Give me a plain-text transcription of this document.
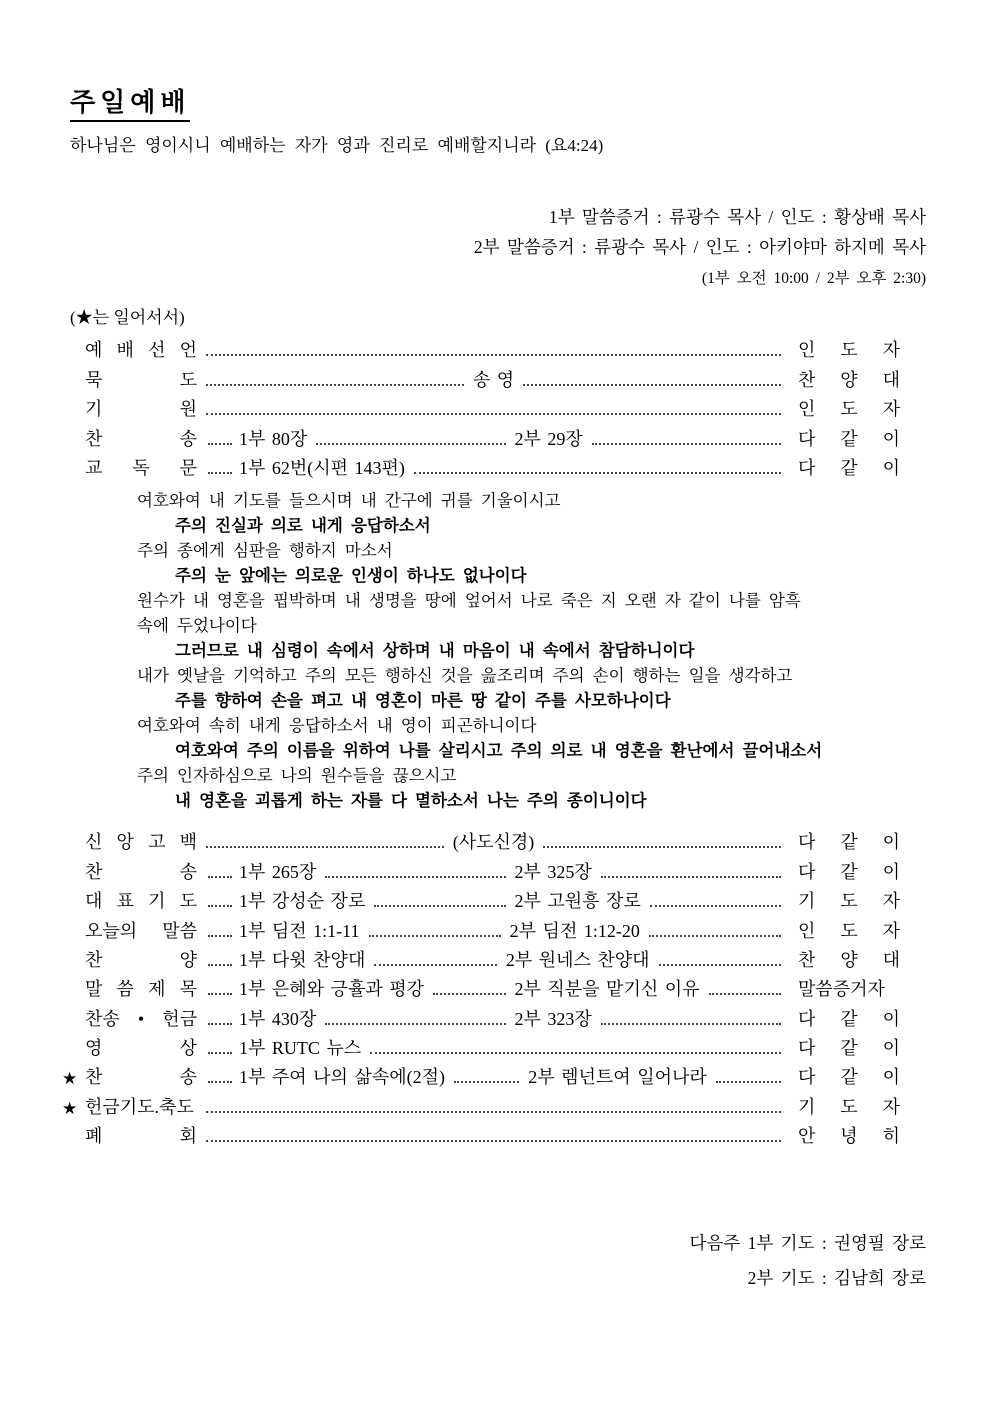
주일예배
하나님은 영이시니 예배하는 자가 영과 진리로 예배할지니라 (요4:24)
1부 말씀증거 : 류광수 목사 / 인도 : 황상배 목사
2부 말씀증거 : 류광수 목사 / 인도 : 아키야마 하지메 목사
(1부 오전 10:00 / 2부 오후 2:30)
(★는 일어서서)
예 배 선 언	인 도 자
묵 도	송 영	찬 양 대
기 원	인 도 자
찬 송 1부 80장	2부 29장	다 같 이
교 독 문 1부 62번(시편 143편)	다 같 이
여호와여 내 기도를 들으시며 내 간구에 귀를 기울이시고
주의 진실과 의로 내게 응답하소서
주의 종에게 심판을 행하지 마소서
주의 눈 앞에는 의로운 인생이 하나도 없나이다
원수가 내 영혼을 핍박하며 내 생명을 땅에 엎어서 나로 죽은 지 오랜 자 같이 나를 암흑
속에 두었나이다
그러므로 내 심령이 속에서 상하며 내 마음이 내 속에서 참담하니이다
내가 옛날을 기억하고 주의 모든 행하신 것을 읊조리며 주의 손이 행하는 일을 생각하고
주를 향하여 손을 펴고 내 영혼이 마른 땅 같이 주를 사모하나이다
여호와여 속히 내게 응답하소서 내 영이 피곤하니이다
여호와여 주의 이름을 위하여 나를 살리시고 주의 의로 내 영혼을 환난에서 끌어내소서
주의 인자하심으로 나의 원수들을 끊으시고
내 영혼을 괴롭게 하는 자를 다 멸하소서 나는 주의 종이니이다
신 앙 고 백	(사도신경)	다 같 이
찬 송 1부 265장	2부 325장	다 같 이
대 표 기 도 1부 강성순 장로	2부 고원흥 장로	기 도 자
오늘의 말씀 1부 딤전 1:1-11	2부 딤전 1:12-20	인 도 자
찬 양 1부 다윗 찬양대	2부 원네스 찬양대	찬 양 대
말 씀 제 목 1부 은혜와 긍휼과 평강	2부 직분을 맡기신 이유	말씀증거자
찬송 • 헌금 1부 430장	2부 323장	다 같 이
영 상 1부 RUTC 뉴스	다 같 이
★ 찬 송 1부 주여 나의 삶속에(2절)	2부 렘넌트여 일어나라	다 같 이
★ 헌금기도.축도	기 도 자
폐 회	안 녕 히
다음주 1부 기도 : 권영필 장로
2부 기도 : 김남희 장로
